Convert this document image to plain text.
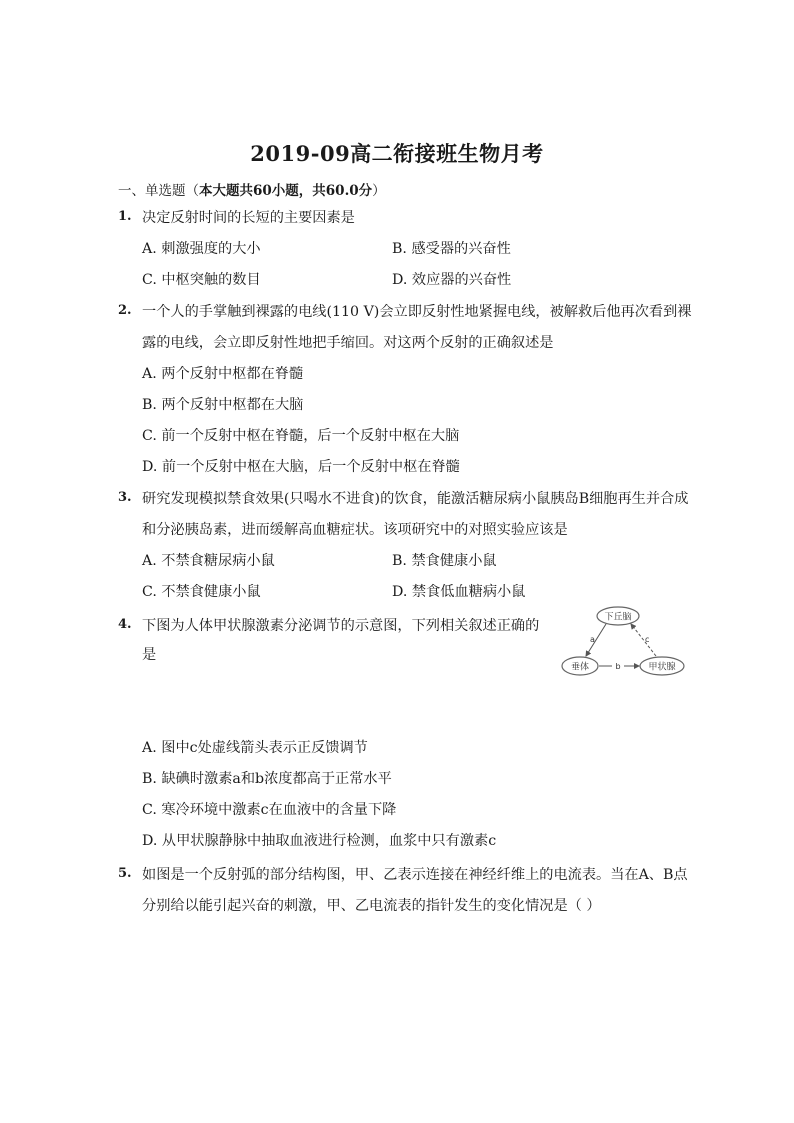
2019-09高二衔接班生物月考
一、单选题（本大题共60小题，共60.0分）
1. 决定反射时间的长短的主要因素是
A. 刺激强度的大小	B. 感受器的兴奋性
C. 中枢突触的数目	D. 效应器的兴奋性
2. 一个人的手掌触到裸露的电线(110 V)会立即反射性地紧握电线，被解救后他再次看到裸
露的电线，会立即反射性地把手缩回。对这两个反射的正确叙述是
A. 两个反射中枢都在脊髓
B. 两个反射中枢都在大脑
C. 前一个反射中枢在脊髓，后一个反射中枢在大脑
D. 前一个反射中枢在大脑，后一个反射中枢在脊髓
3. 研究发现模拟禁食效果(只喝水不进食)的饮食，能激活糖尿病小鼠胰岛B细胞再生并合成
和分泌胰岛素，进而缓解高血糖症状。该项研究中的对照实验应该是
A. 不禁食糖尿病小鼠	B. 禁食健康小鼠
C. 不禁食健康小鼠	D. 禁食低血糖病小鼠
4. 下图为人体甲状腺激素分泌调节的示意图，下列相关叙述正确的
是
下丘脑
垂体	甲状腺
a
b
c
A. 图中c处虚线箭头表示正反馈调节
B. 缺碘时激素a和b浓度都高于正常水平
C. 寒冷环境中激素c在血液中的含量下降
D. 从甲状腺静脉中抽取血液进行检测，血浆中只有激素c
5. 如图是一个反射弧的部分结构图，甲、乙表示连接在神经纤维上的电流表。当在A、B点
分别给以能引起兴奋的刺激，甲、乙电流表的指针发生的变化情况是（ ）
